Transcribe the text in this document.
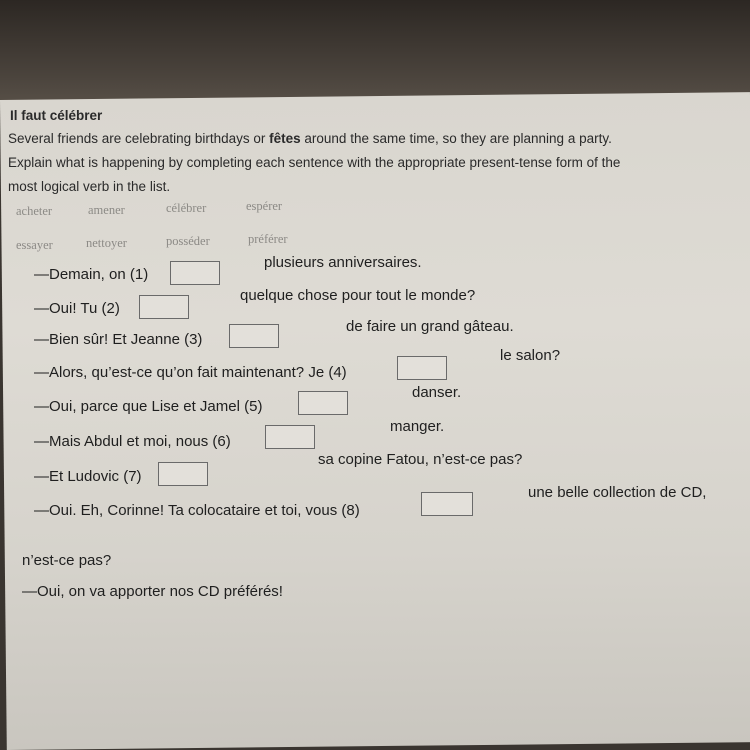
Il faut célébrer
Several friends are celebrating birthdays or fêtes around the same time, so they are planning a party.
Explain what is happening by completing each sentence with the appropriate present-tense form of the
most logical verb in the list.
acheter	amener	célébrer	espérer
essayer	nettoyer	posséder	préférer
—Demain, on (1)
plusieurs anniversaires.
—Oui! Tu (2)
quelque chose pour tout le monde?
—Bien sûr! Et Jeanne (3)
de faire un grand gâteau.
—Alors, qu’est-ce qu’on fait maintenant? Je (4)
le salon?
—Oui, parce que Lise et Jamel (5)
danser.
—Mais Abdul et moi, nous (6)
manger.
—Et Ludovic (7)
sa copine Fatou, n’est-ce pas?
—Oui. Eh, Corinne! Ta colocataire et toi, vous (8)
une belle collection de CD,
n’est-ce pas?
—Oui, on va apporter nos CD préférés!
